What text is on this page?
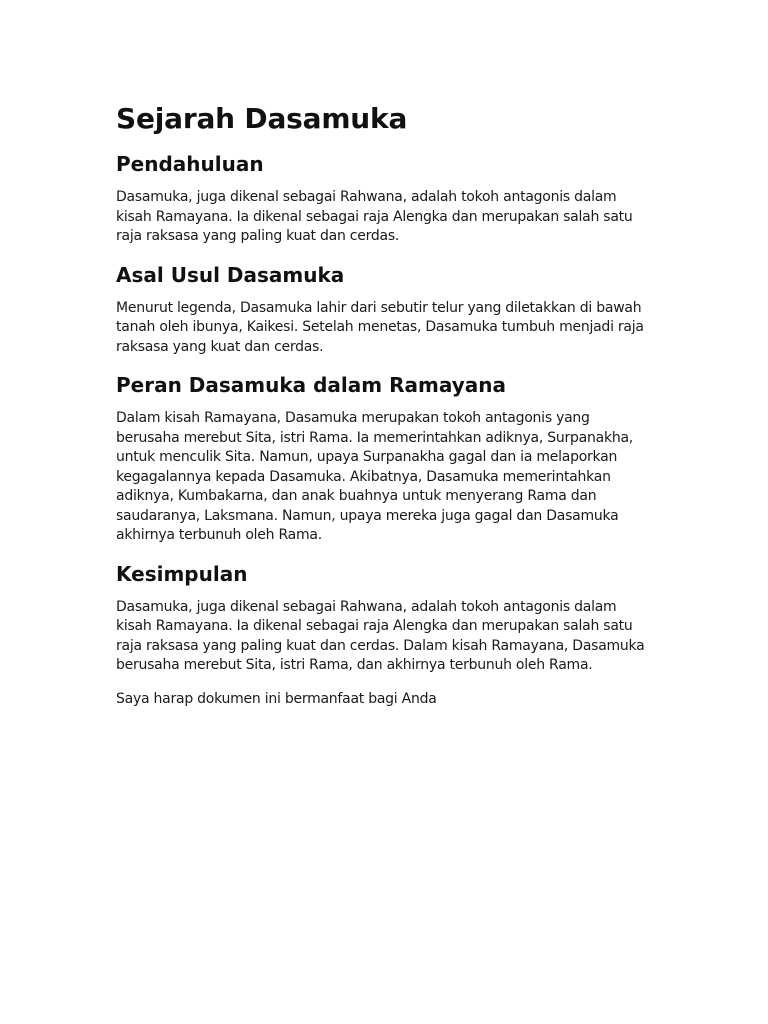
Sejarah Dasamuka
Pendahuluan

Dasamuka, juga dikenal sebagai Rahwana, adalah tokoh antagonis dalam kisah Ramayana. Ia dikenal sebagai raja Alengka dan merupakan salah satu raja raksasa yang paling kuat dan cerdas.

Asal Usul Dasamuka

Menurut legenda, Dasamuka lahir dari sebutir telur yang diletakkan di bawah tanah oleh ibunya, Kaikesi. Setelah menetas, Dasamuka tumbuh menjadi raja raksasa yang kuat dan cerdas.

Peran Dasamuka dalam Ramayana

Dalam kisah Ramayana, Dasamuka merupakan tokoh antagonis yang berusaha merebut Sita, istri Rama. Ia memerintahkan adiknya, Surpanakha, untuk menculik Sita. Namun, upaya Surpanakha gagal dan ia melaporkan kegagalannya kepada Dasamuka. Akibatnya, Dasamuka memerintahkan adiknya, Kumbakarna, dan anak buahnya untuk menyerang Rama dan saudaranya, Laksmana. Namun, upaya mereka juga gagal dan Dasamuka akhirnya terbunuh oleh Rama.

Kesimpulan

Dasamuka, juga dikenal sebagai Rahwana, adalah tokoh antagonis dalam kisah Ramayana. Ia dikenal sebagai raja Alengka dan merupakan salah satu raja raksasa yang paling kuat dan cerdas. Dalam kisah Ramayana, Dasamuka berusaha merebut Sita, istri Rama, dan akhirnya terbunuh oleh Rama.

Saya harap dokumen ini bermanfaat bagi Anda
